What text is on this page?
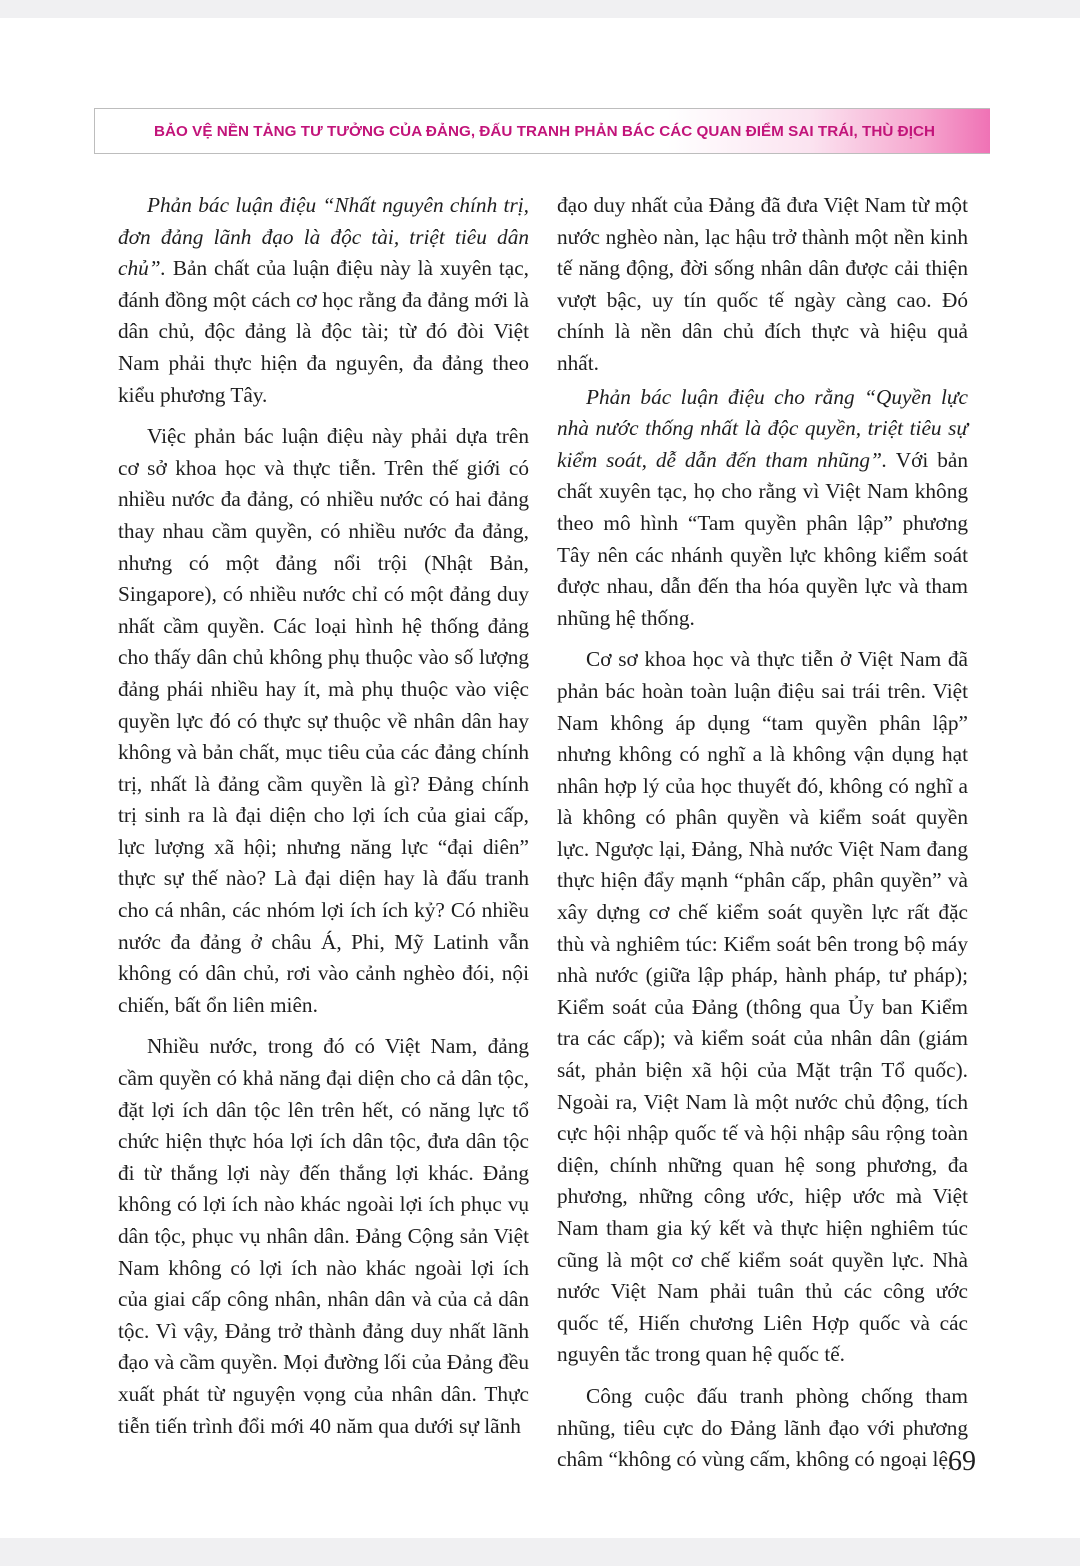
BẢO VỆ NỀN TẢNG TƯ TƯỞNG CỦA ĐẢNG, ĐẤU TRANH PHẢN BÁC CÁC QUAN ĐIỂM SAI TRÁI, THÙ ĐỊCH

Phản bác luận điệu “Nhất nguyên chính trị, đơn đảng lãnh đạo là độc tài, triệt tiêu dân chủ”. Bản chất của luận điệu này là xuyên tạc, đánh đồng một cách cơ học rằng đa đảng mới là dân chủ, độc đảng là độc tài; từ đó đòi Việt Nam phải thực hiện đa nguyên, đa đảng theo kiểu phương Tây.

Việc phản bác luận điệu này phải dựa trên cơ sở khoa học và thực tiễn. Trên thế giới có nhiều nước đa đảng, có nhiều nước có hai đảng thay nhau cầm quyền, có nhiều nước đa đảng, nhưng có một đảng nổi trội (Nhật Bản, Singapore), có nhiều nước chỉ có một đảng duy nhất cầm quyền. Các loại hình hệ thống đảng cho thấy dân chủ không phụ thuộc vào số lượng đảng phái nhiều hay ít, mà phụ thuộc vào việc quyền lực đó có thực sự thuộc về nhân dân hay không và bản chất, mục tiêu của các đảng chính trị, nhất là đảng cầm quyền là gì? Đảng chính trị sinh ra là đại diện cho lợi ích của giai cấp, lực lượng xã hội; nhưng năng lực “đại diên” thực sự thế nào? Là đại diện hay là đấu tranh cho cá nhân, các nhóm lợi ích ích kỷ? Có nhiều nước đa đảng ở châu Á, Phi, Mỹ Latinh vẫn không có dân chủ, rơi vào cảnh nghèo đói, nội chiến, bất ổn liên miên.

Nhiều nước, trong đó có Việt Nam, đảng cầm quyền có khả năng đại diện cho cả dân tộc, đặt lợi ích dân tộc lên trên hết, có năng lực tổ chức hiện thực hóa lợi ích dân tộc, đưa dân tộc đi từ thắng lợi này đến thắng lợi khác. Đảng không có lợi ích nào khác ngoài lợi ích phục vụ dân tộc, phục vụ nhân dân. Đảng Cộng sản Việt Nam không có lợi ích nào khác ngoài lợi ích của giai cấp công nhân, nhân dân và của cả dân tộc. Vì vậy, Đảng trở thành đảng duy nhất lãnh đạo và cầm quyền. Mọi đường lối của Đảng đều xuất phát từ nguyện vọng của nhân dân. Thực tiễn tiến trình đổi mới 40 năm qua dưới sự lãnh

đạo duy nhất của Đảng đã đưa Việt Nam từ một nước nghèo nàn, lạc hậu trở thành một nền kinh tế năng động, đời sống nhân dân được cải thiện vượt bậc, uy tín quốc tế ngày càng cao. Đó chính là nền dân chủ đích thực và hiệu quả nhất.

Phản bác luận điệu cho rằng “Quyền lực nhà nước thống nhất là độc quyền, triệt tiêu sự kiểm soát, dễ dẫn đến tham nhũng”. Với bản chất xuyên tạc, họ cho rằng vì Việt Nam không theo mô hình “Tam quyền phân lập” phương Tây nên các nhánh quyền lực không kiểm soát được nhau, dẫn đến tha hóa quyền lực và tham nhũng hệ thống.

Cơ sơ khoa học và thực tiễn ở Việt Nam đã phản bác hoàn toàn luận điệu sai trái trên. Việt Nam không áp dụng “tam quyền phân lập” nhưng không có nghĩ a là không vận dụng hạt nhân hợp lý của học thuyết đó, không có nghĩ a là không có phân quyền và kiểm soát quyền lực. Ngược lại, Đảng, Nhà nước Việt Nam đang thực hiện đẩy mạnh “phân cấp, phân quyền” và xây dựng cơ chế kiểm soát quyền lực rất đặc thù và nghiêm túc: Kiểm soát bên trong bộ máy nhà nước (giữa lập pháp, hành pháp, tư pháp); Kiểm soát của Đảng (thông qua Ủy ban Kiểm tra các cấp); và kiểm soát của nhân dân (giám sát, phản biện xã hội của Mặt trận Tổ quốc). Ngoài ra, Việt Nam là một nước chủ động, tích cực hội nhập quốc tế và hội nhập sâu rộng toàn diện, chính những quan hệ song phương, đa phương, những công ước, hiệp ước mà Việt Nam tham gia ký kết và thực hiện nghiêm túc cũng là một cơ chế kiểm soát quyền lực. Nhà nước Việt Nam phải tuân thủ các công ước quốc tế, Hiến chương Liên Hợp quốc và các nguyên tắc trong quan hệ quốc tế.

Công cuộc đấu tranh phòng chống tham nhũng, tiêu cực do Đảng lãnh đạo với phương châm “không có vùng cấm, không có ngoại lệ,

69
